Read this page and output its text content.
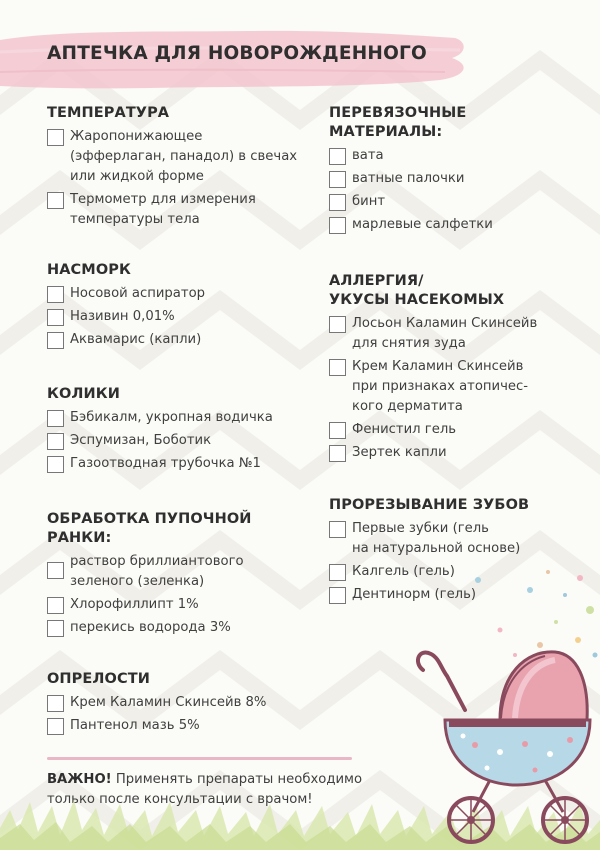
АПТЕЧКА ДЛЯ НОВОРОЖДЕННОГО
ТЕМПЕРАТУРА
Жаропонижающее
(эфферлаган, панадол) в свечах
или жидкой форме
Термометр для измерения
температуры тела
НАСМОРК
Носовой аспиратор
Називин 0,01%
Аквамарис (капли)
КОЛИКИ
Бэбикалм, укропная водичка
Эспумизан, Боботик
Газоотводная трубочка №1
ОБРАБОТКА ПУПОЧНОЙ
РАНКИ:
раствор бриллиантового
зеленого (зеленка)
Хлорофиллипт 1%
перекись водорода 3%
ОПРЕЛОСТИ
Крем Каламин Скинсейв 8%
Пантенол мазь 5%
ПЕРЕВЯЗОЧНЫЕ
МАТЕРИАЛЫ:
вата
ватные палочки
бинт
марлевые салфетки
АЛЛЕРГИЯ/
УКУСЫ НАСЕКОМЫХ
Лосьон Каламин Скинсейв
для снятия зуда
Крем Каламин Скинсейв
при признаках атопичес-
кого дерматита
Фенистил гель
Зертек капли
ПРОРЕЗЫВАНИЕ ЗУБОВ
Первые зубки (гель
на натуральной основе)
Калгель (гель)
Дентинорм (гель)
ВАЖНО! Применять препараты необходимо
только после консультации с врачом!
